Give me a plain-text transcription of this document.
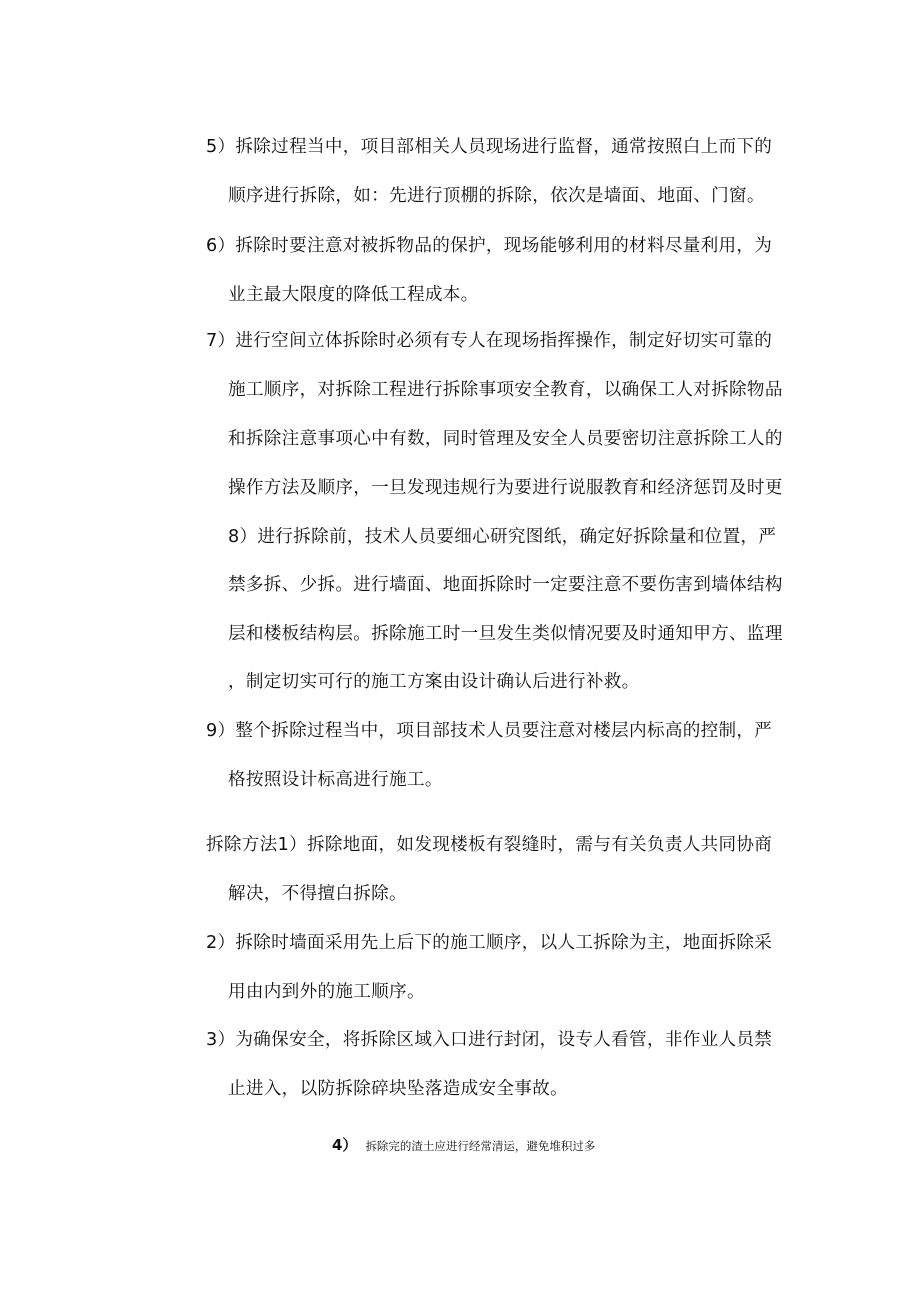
5）拆除过程当中，项目部相关人员现场进行监督，通常按照白上而下的
顺序进行拆除，如：先进行顶棚的拆除，依次是墙面、地面、门窗。
6）拆除时要注意对被拆物品的保护，现场能够利用的材料尽量利用，为
业主最大限度的降低工程成本。
7）进行空间立体拆除时必须有专人在现场指挥操作，制定好切实可靠的
施工顺序，对拆除工程进行拆除事项安全教育，以确保工人对拆除物品
和拆除注意事项心中有数，同时管理及安全人员要密切注意拆除工人的
操作方法及顺序，一旦发现违规行为要进行说服教育和经济惩罚及时更
8）进行拆除前，技术人员要细心研究图纸，确定好拆除量和位置，严
禁多拆、少拆。进行墙面、地面拆除时一定要注意不要伤害到墙体结构
层和楼板结构层。拆除施工时一旦发生类似情况要及时通知甲方、监理
，制定切实可行的施工方案由设计确认后进行补救。
9）整个拆除过程当中，项目部技术人员要注意对楼层内标高的控制，严
格按照设计标高进行施工。
拆除方法1）拆除地面，如发现楼板有裂缝时，需与有关负责人共同协商
解决，不得擅白拆除。
2）拆除时墙面采用先上后下的施工顺序，以人工拆除为主，地面拆除采
用由内到外的施工顺序。
3）为确保安全，将拆除区域入口进行封闭，设专人看管，非作业人员禁
止进入，以防拆除碎块坠落造成安全事故。
4） 拆除完的渣土应进行经常清运，避免堆积过多
